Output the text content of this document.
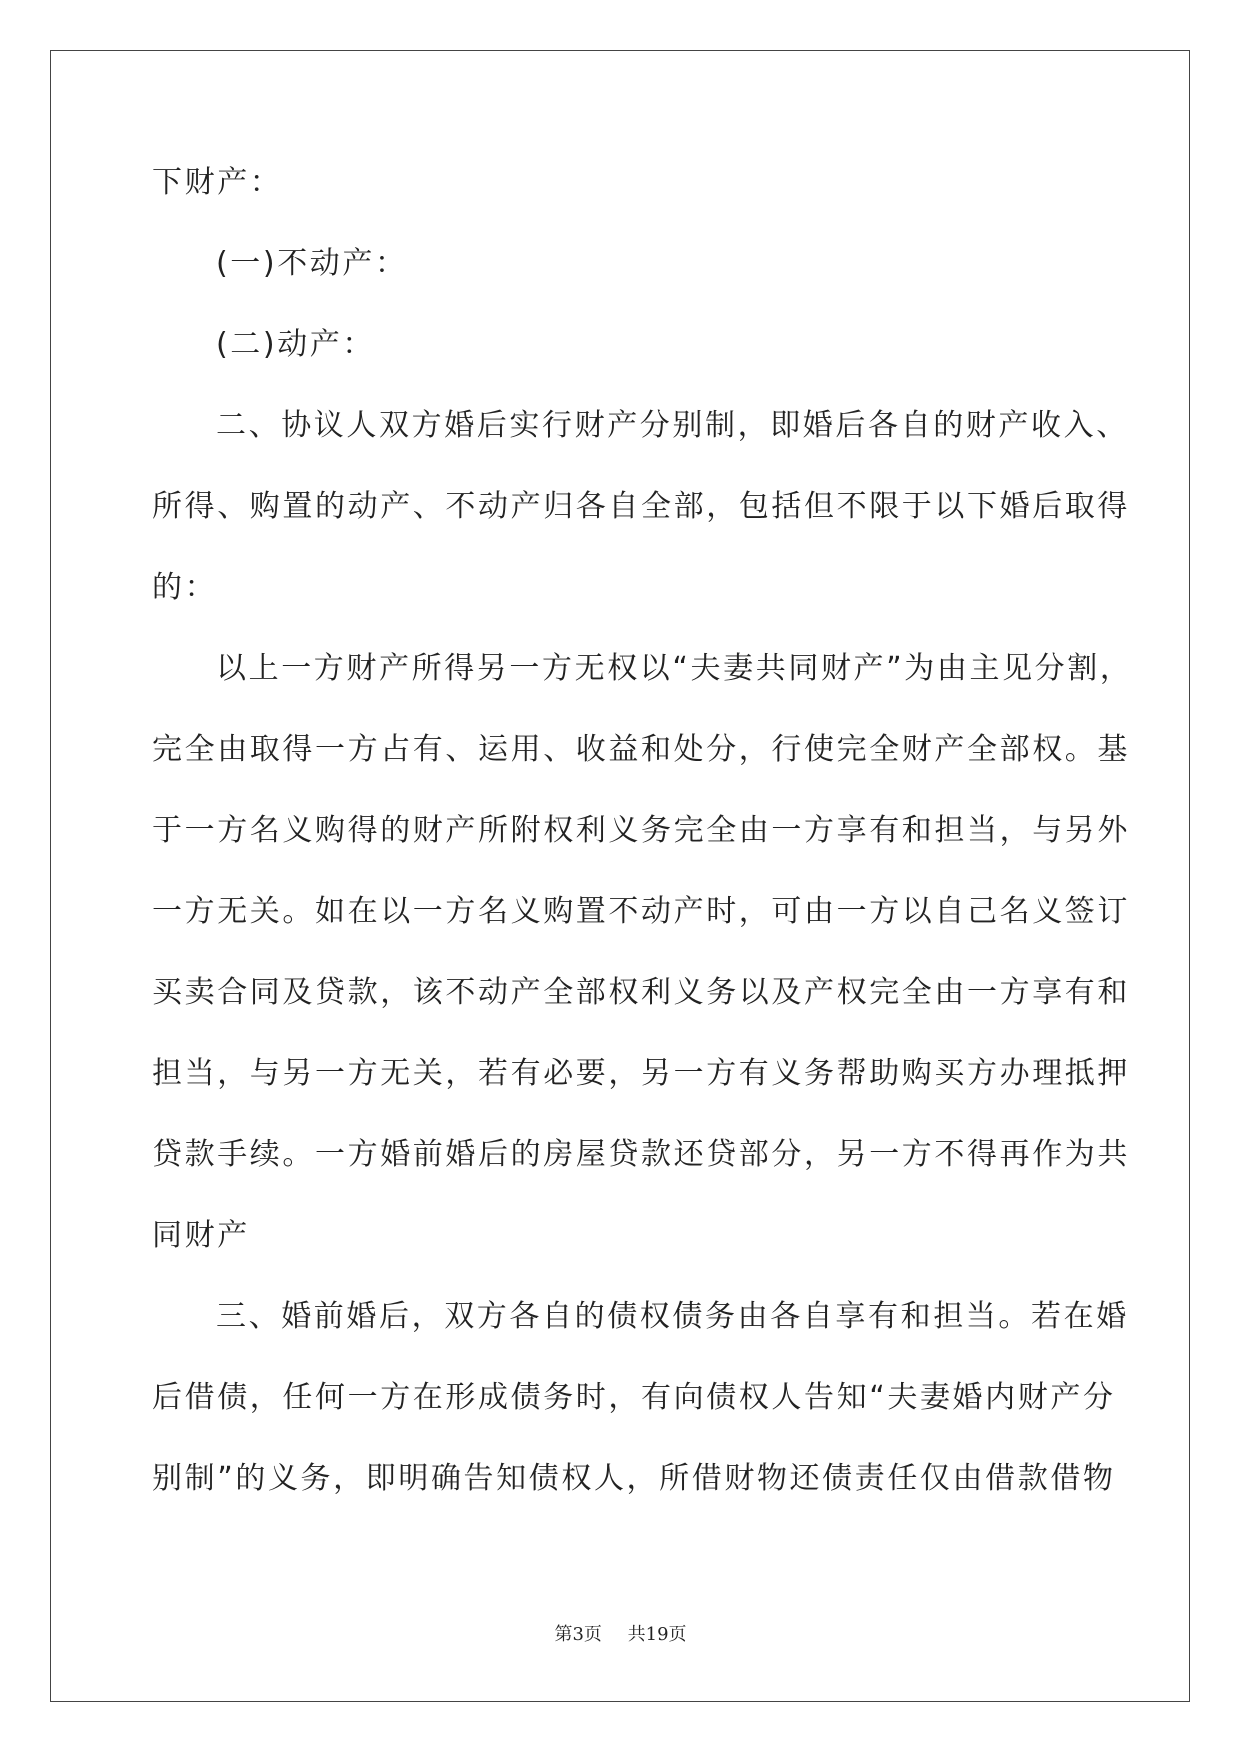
下财产：
(一)不动产：
(二)动产：
二、协议人双方婚后实行财产分别制，即婚后各自的财产收入、
所得、购置的动产、不动产归各自全部，包括但不限于以下婚后取得
的：
以上一方财产所得另一方无权以“夫妻共同财产”为由主见分割，
完全由取得一方占有、运用、收益和处分，行使完全财产全部权。基
于一方名义购得的财产所附权利义务完全由一方享有和担当，与另外
一方无关。如在以一方名义购置不动产时，可由一方以自己名义签订
买卖合同及贷款，该不动产全部权利义务以及产权完全由一方享有和
担当，与另一方无关，若有必要，另一方有义务帮助购买方办理抵押
贷款手续。一方婚前婚后的房屋贷款还贷部分，另一方不得再作为共
同财产
三、婚前婚后，双方各自的债权债务由各自享有和担当。若在婚
后借债，任何一方在形成债务时，有向债权人告知“夫妻婚内财产分
别制”的义务，即明确告知债权人，所借财物还债责任仅由借款借物
第3页 共19页
